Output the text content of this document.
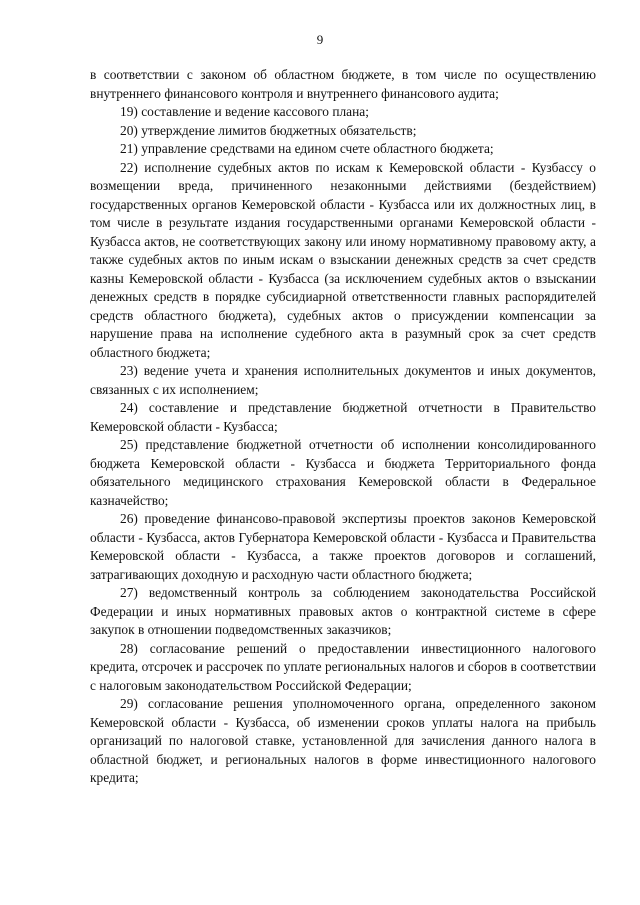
9

в соответствии с законом об областном бюджете, в том числе по осуществлению внутреннего финансового контроля и внутреннего финансового аудита;

19) составление и ведение кассового плана;

20) утверждение лимитов бюджетных обязательств;

21) управление средствами на едином счете областного бюджета;

22) исполнение судебных актов по искам к Кемеровской области - Кузбассу о возмещении вреда, причиненного незаконными действиями (бездействием) государственных органов Кемеровской области - Кузбасса или их должностных лиц, в том числе в результате издания государственными органами Кемеровской области - Кузбасса актов, не соответствующих закону или иному нормативному правовому акту, а также судебных актов по иным искам о взыскании денежных средств за счет средств казны Кемеровской области - Кузбасса (за исключением судебных актов о взыскании денежных средств в порядке субсидиарной ответственности главных распорядителей средств областного бюджета), судебных актов о присуждении компенсации за нарушение права на исполнение судебного акта в разумный срок за счет средств областного бюджета;

23) ведение учета и хранения исполнительных документов и иных документов, связанных с их исполнением;

24) составление и представление бюджетной отчетности в Правительство Кемеровской области - Кузбасса;

25) представление бюджетной отчетности об исполнении консолидированного бюджета Кемеровской области - Кузбасса и бюджета Территориального фонда обязательного медицинского страхования Кемеровской области в Федеральное казначейство;

26) проведение финансово-правовой экспертизы проектов законов Кемеровской области - Кузбасса, актов Губернатора Кемеровской области - Кузбасса и Правительства Кемеровской области - Кузбасса, а также проектов договоров и соглашений, затрагивающих доходную и расходную части областного бюджета;

27) ведомственный контроль за соблюдением законодательства Российской Федерации и иных нормативных правовых актов о контрактной системе в сфере закупок в отношении подведомственных заказчиков;

28) согласование решений о предоставлении инвестиционного налогового кредита, отсрочек и рассрочек по уплате региональных налогов и сборов в соответствии с налоговым законодательством Российской Федерации;

29) согласование решения уполномоченного органа, определенного законом Кемеровской области - Кузбасса, об изменении сроков уплаты налога на прибыль организаций по налоговой ставке, установленной для зачисления данного налога в областной бюджет, и региональных налогов в форме инвестиционного налогового кредита;
